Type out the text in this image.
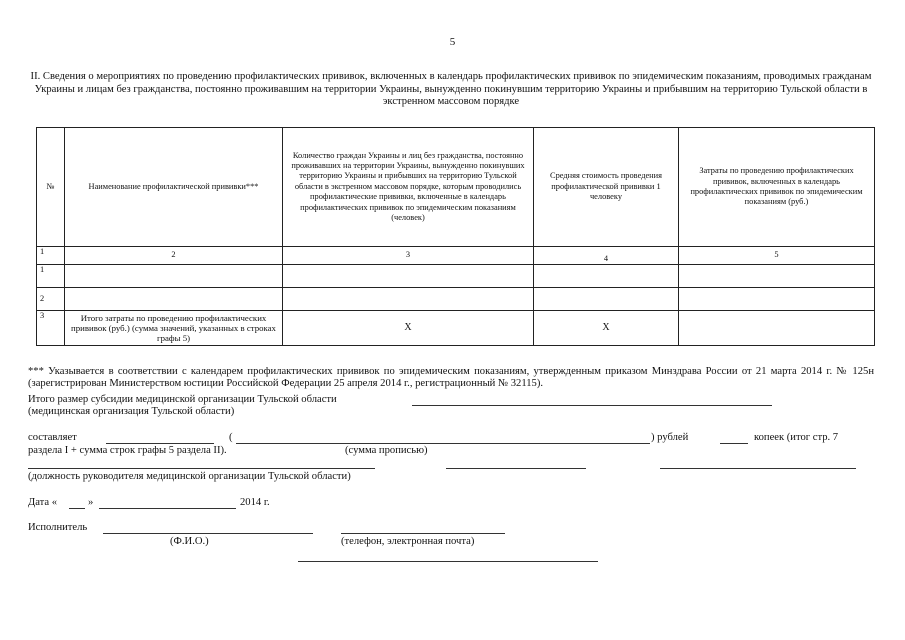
5
II. Сведения о мероприятиях по проведению профилактических прививок, включенных в календарь профилактических прививок по эпидемическим показаниям, проводимых гражданам Украины и лицам без гражданства, постоянно проживавшим на территории Украины, вынужденно покинувшим территорию Украины и прибывшим на территорию Тульской области в экстренном массовом порядке
№	Наименование профилактической прививки***	Количество граждан Украины и лиц без гражданства, постоянно проживавших на территории Украины, вынужденно покинувших территорию Украины и прибывших на территорию Тульской области в экстренном массовом порядке, которым проводились профилактические прививки, включенные в календарь профилактических прививок по эпидемическим показаниям (человек)	Средняя стоимость проведения профилактической прививки 1 человеку	Затраты по проведению профилактических прививок, включенных в календарь профилактических прививок по эпидемическим показаниям (руб.)
1	2	3	4	5
1				
2				
3	Итого затраты по проведению профилактических прививок (руб.) (сумма значений, указанных в строках графы 5)	X	X	
*** Указывается в соответствии с календарем профилактических прививок по эпидемическим показаниям, утвержденным приказом Минздрава России от 21 марта 2014 г. № 125н (зарегистрирован Министерством юстиции Российской Федерации 25 апреля 2014 г., регистрационный № 32115).
Итого размер субсидии медицинской организации Тульской области
(медицинская организация Тульской области)
составляет	(	) рублей	копеек (итог стр. 7
раздела I + сумма строк графы 5 раздела II).	(сумма прописью)
(должность руководителя медицинской организации Тульской области)
Дата «	»	2014 г.
Исполнитель
(Ф.И.О.)	(телефон, электронная почта)
